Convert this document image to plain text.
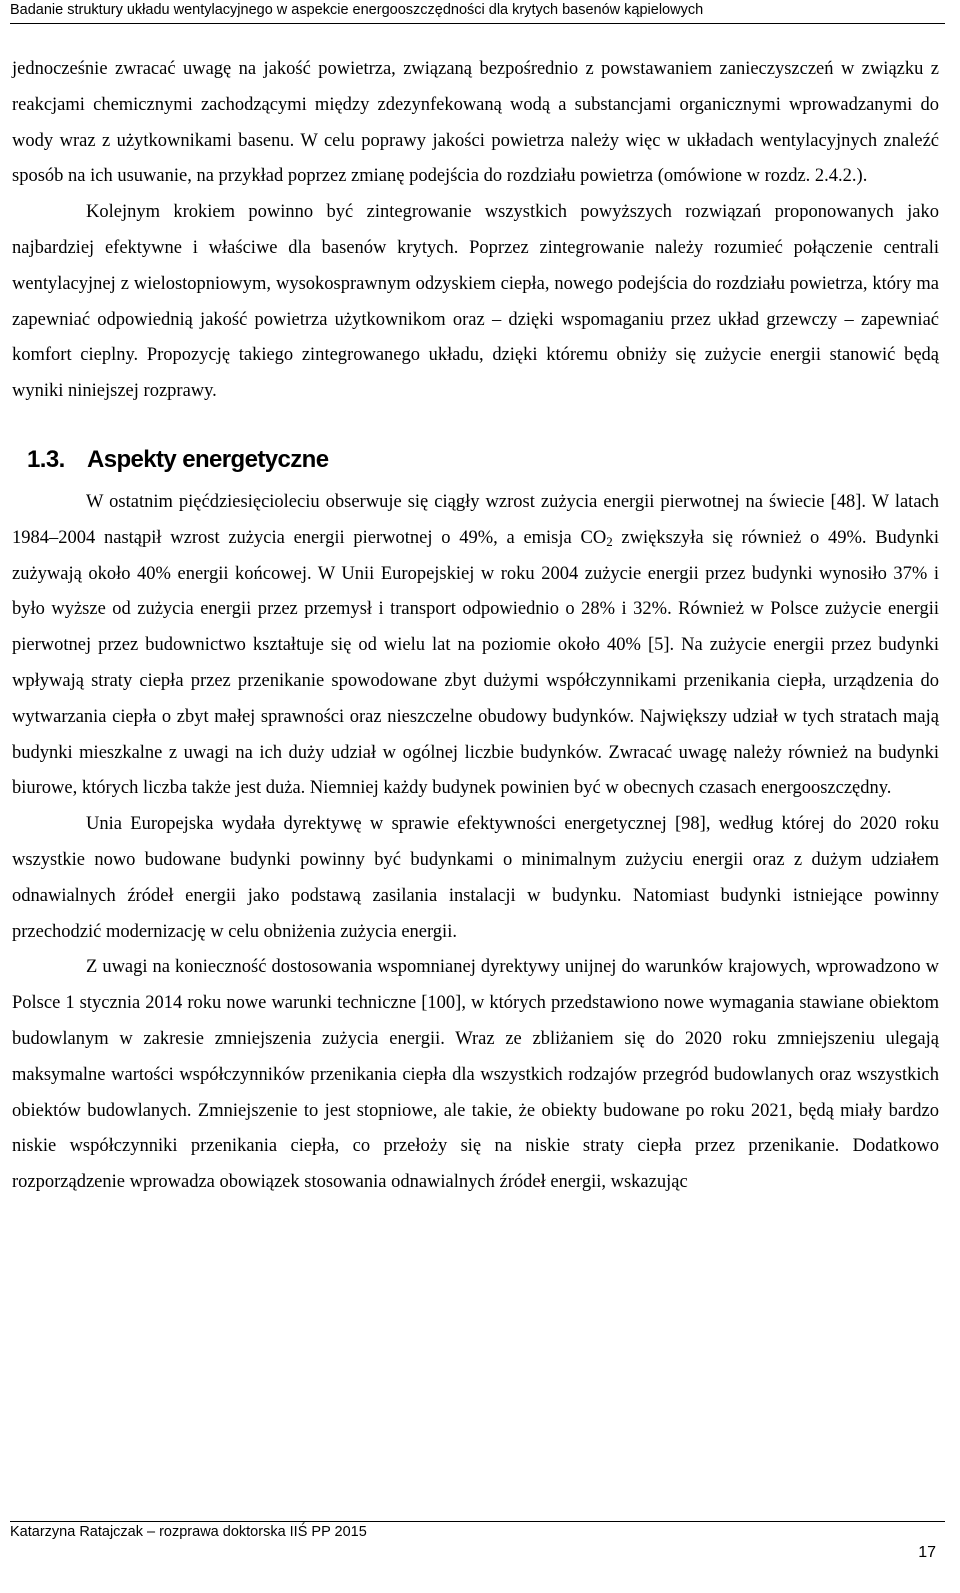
Badanie struktury układu wentylacyjnego w aspekcie energooszczędności dla krytych basenów kąpielowych

jednocześnie zwracać uwagę na jakość powietrza, związaną bezpośrednio z powstawaniem zanieczyszczeń w związku z reakcjami chemicznymi zachodzącymi między zdezynfekowaną wodą a substancjami organicznymi wprowadzanymi do wody wraz z użytkownikami basenu. W celu poprawy jakości powietrza należy więc w układach wentylacyjnych znaleźć sposób na ich usuwanie, na przykład poprzez zmianę podejścia do rozdziału powietrza (omówione w rozdz. 2.4.2.).

Kolejnym krokiem powinno być zintegrowanie wszystkich powyższych rozwiązań proponowanych jako najbardziej efektywne i właściwe dla basenów krytych. Poprzez zintegrowanie należy rozumieć połączenie centrali wentylacyjnej z wielostopniowym, wysokosprawnym odzyskiem ciepła, nowego podejścia do rozdziału powietrza, który ma zapewniać odpowiednią jakość powietrza użytkownikom oraz – dzięki wspomaganiu przez układ grzewczy – zapewniać komfort cieplny. Propozycję takiego zintegrowanego układu, dzięki któremu obniży się zużycie energii stanowić będą wyniki niniejszej rozprawy.

1.3. Aspekty energetyczne

W ostatnim pięćdziesięcioleciu obserwuje się ciągły wzrost zużycia energii pierwotnej na świecie [48]. W latach 1984–2004 nastąpił wzrost zużycia energii pierwotnej o 49%, a emisja $CO_2$ zwiększyła się również o 49%. Budynki zużywają około 40% energii końcowej. W Unii Europejskiej w roku 2004 zużycie energii przez budynki wynosiło 37% i było wyższe od zużycia energii przez przemysł i transport odpowiednio o 28% i 32%. Również w Polsce zużycie energii pierwotnej przez budownictwo kształtuje się od wielu lat na poziomie około 40% [5]. Na zużycie energii przez budynki wpływają straty ciepła przez przenikanie spowodowane zbyt dużymi współczynnikami przenikania ciepła, urządzenia do wytwarzania ciepła o zbyt małej sprawności oraz nieszczelne obudowy budynków. Największy udział w tych stratach mają budynki mieszkalne z uwagi na ich duży udział w ogólnej liczbie budynków. Zwracać uwagę należy również na budynki biurowe, których liczba także jest duża. Niemniej każdy budynek powinien być w obecnych czasach energooszczędny.

Unia Europejska wydała dyrektywę w sprawie efektywności energetycznej [98], według której do 2020 roku wszystkie nowo budowane budynki powinny być budynkami o minimalnym zużyciu energii oraz z dużym udziałem odnawialnych źródeł energii jako podstawą zasilania instalacji w budynku. Natomiast budynki istniejące powinny przechodzić modernizację w celu obniżenia zużycia energii.

Z uwagi na konieczność dostosowania wspomnianej dyrektywy unijnej do warunków krajowych, wprowadzono w Polsce 1 stycznia 2014 roku nowe warunki techniczne [100], w których przedstawiono nowe wymagania stawiane obiektom budowlanym w zakresie zmniejszenia zużycia energii. Wraz ze zbliżaniem się do 2020 roku zmniejszeniu ulegają maksymalne wartości współczynników przenikania ciepła dla wszystkich rodzajów przegród budowlanych oraz wszystkich obiektów budowlanych. Zmniejszenie to jest stopniowe, ale takie, że obiekty budowane po roku 2021, będą miały bardzo niskie współczynniki przenikania ciepła, co przełoży się na niskie straty ciepła przez przenikanie. Dodatkowo rozporządzenie wprowadza obowiązek stosowania odnawialnych źródeł energii, wskazując

Katarzyna Ratajczak – rozprawa doktorska IIŚ PP 2015
17
